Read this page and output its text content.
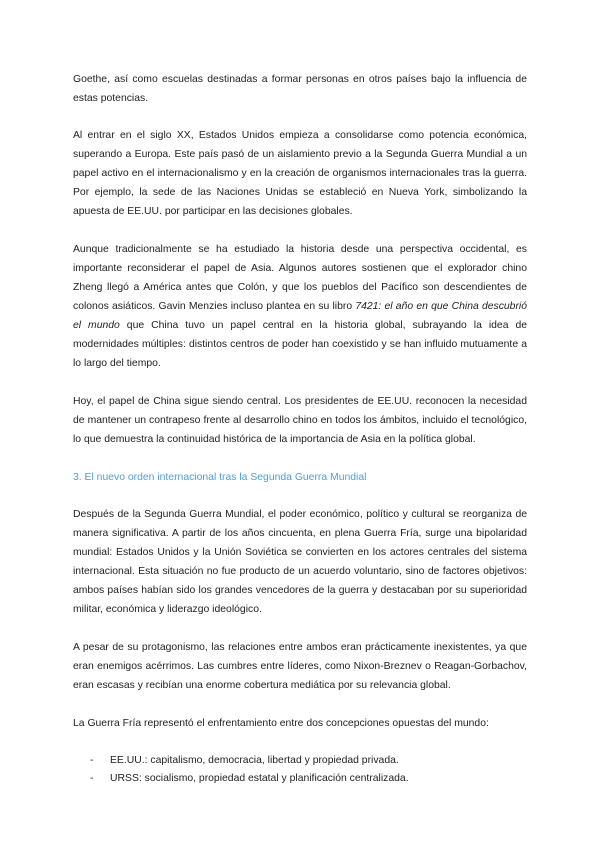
Goethe, así como escuelas destinadas a formar personas en otros países bajo la influencia de estas potencias.

Al entrar en el siglo XX, Estados Unidos empieza a consolidarse como potencia económica, superando a Europa. Este país pasó de un aislamiento previo a la Segunda Guerra Mundial a un papel activo en el internacionalismo y en la creación de organismos internacionales tras la guerra. Por ejemplo, la sede de las Naciones Unidas se estableció en Nueva York, simbolizando la apuesta de EE.UU. por participar en las decisiones globales.

Aunque tradicionalmente se ha estudiado la historia desde una perspectiva occidental, es importante reconsiderar el papel de Asia. Algunos autores sostienen que el explorador chino Zheng llegó a América antes que Colón, y que los pueblos del Pacífico son descendientes de colonos asiáticos. Gavin Menzies incluso plantea en su libro 7421: el año en que China descubrió el mundo que China tuvo un papel central en la historia global, subrayando la idea de modernidades múltiples: distintos centros de poder han coexistido y se han influido mutuamente a lo largo del tiempo.

Hoy, el papel de China sigue siendo central. Los presidentes de EE.UU. reconocen la necesidad de mantener un contrapeso frente al desarrollo chino en todos los ámbitos, incluido el tecnológico, lo que demuestra la continuidad histórica de la importancia de Asia en la política global.

3. El nuevo orden internacional tras la Segunda Guerra Mundial

Después de la Segunda Guerra Mundial, el poder económico, político y cultural se reorganiza de manera significativa. A partir de los años cincuenta, en plena Guerra Fría, surge una bipolaridad mundial: Estados Unidos y la Unión Soviética se convierten en los actores centrales del sistema internacional. Esta situación no fue producto de un acuerdo voluntario, sino de factores objetivos: ambos países habían sido los grandes vencedores de la guerra y destacaban por su superioridad militar, económica y liderazgo ideológico.

A pesar de su protagonismo, las relaciones entre ambos eran prácticamente inexistentes, ya que eran enemigos acérrimos. Las cumbres entre líderes, como Nixon-Breznev o Reagan-Gorbachov, eran escasas y recibían una enorme cobertura mediática por su relevancia global.

La Guerra Fría representó el enfrentamiento entre dos concepciones opuestas del mundo:

-	EE.UU.: capitalismo, democracia, libertad y propiedad privada.
-	URSS: socialismo, propiedad estatal y planificación centralizada.
